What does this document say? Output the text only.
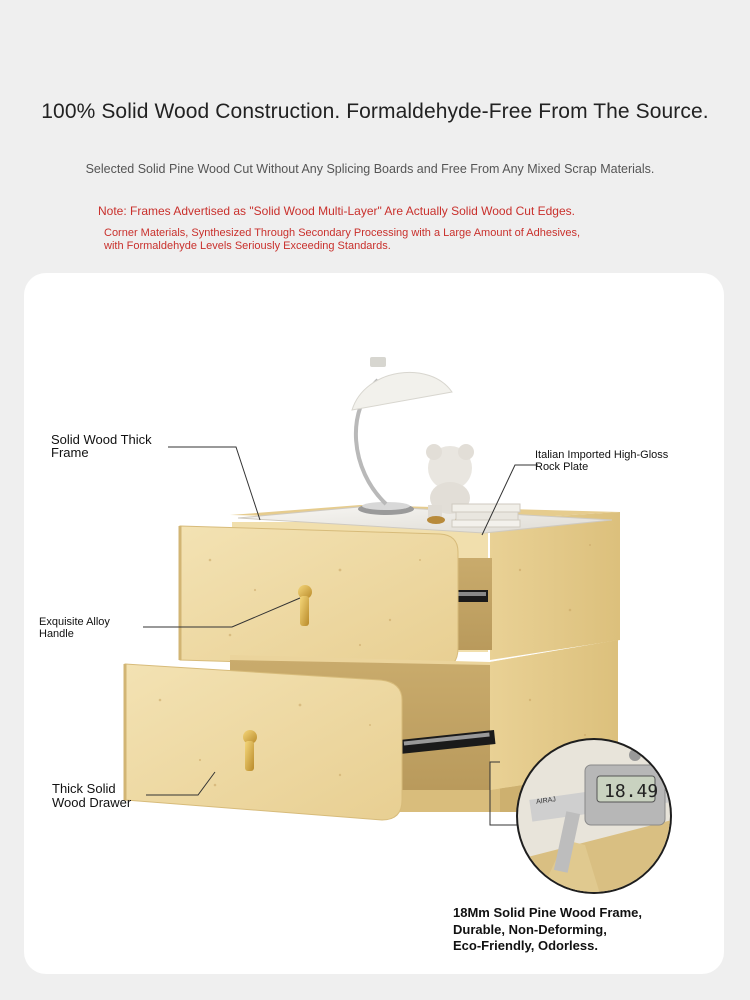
100% Solid Wood Construction. Formaldehyde-Free From The Source.
Selected Solid Pine Wood Cut Without Any Splicing Boards and Free From Any Mixed Scrap Materials.
Note: Frames Advertised as "Solid Wood Multi-Layer" Are Actually Solid Wood Cut Edges.
Corner Materials, Synthesized Through Secondary Processing with a Large Amount of Adhesives,
with Formaldehyde Levels Seriously Exceeding Standards.
18.49
AIRAJ
Solid Wood Thick
Frame	Italian Imported High-Gloss
Rock Plate
Exquisite Alloy
Handle
Thick Solid
Wood Drawer
18Mm Solid Pine Wood Frame,
Durable, Non-Deforming,
Eco-Friendly, Odorless.
